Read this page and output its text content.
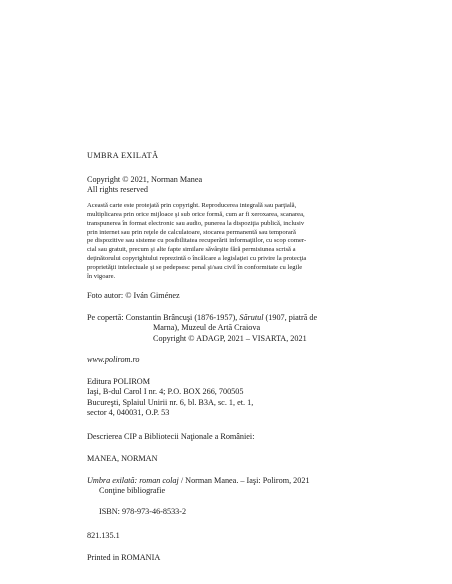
UMBRA EXILATĂ

Copyright © 2021, Norman Manea

All rights reserved

Această carte este protejată prin copyright. Reproducerea integrală sau parţială,

multiplicarea prin orice mijloace şi sub orice formă, cum ar fi xeroxarea, scanarea,

transpunerea în format electronic sau audio, punerea la dispoziţia publică, inclusiv

prin internet sau prin reţele de calculatoare, stocarea permanentă sau temporară

pe dispozitive sau sisteme cu posibilitatea recuperării informaţiilor, cu scop comer-

cial sau gratuit, precum şi alte fapte similare săvârşite fără permisiunea scrisă a

deţinătorului copyrightului reprezintă o încălcare a legislaţiei cu privire la protecţia

proprietăţii intelectuale şi se pedepsesc penal şi/sau civil în conformitate cu legile

în vigoare.

Foto autor: © Iván Giménez

Pe copertă: Constantin Brâncuşi (1876-1957), Sărutul (1907, piatră de

Marna), Muzeul de Artă Craiova

Copyright © ADAGP, 2021 – VISARTA, 2021

www.polirom.ro

Editura POLIROM

Iaşi, B-dul Carol I nr. 4; P.O. BOX 266, 700505

Bucureşti, Splaiul Unirii nr. 6, bl. B3A, sc. 1, et. 1,

sector 4, 040031, O.P. 53

Descrierea CIP a Bibliotecii Naţionale a României:

MANEA, NORMAN

Umbra exilată: roman colaj / Norman Manea. – Iaşi: Polirom, 2021

Conţine bibliografie

ISBN: 978-973-46-8533-2

821.135.1

Printed in ROMANIA
